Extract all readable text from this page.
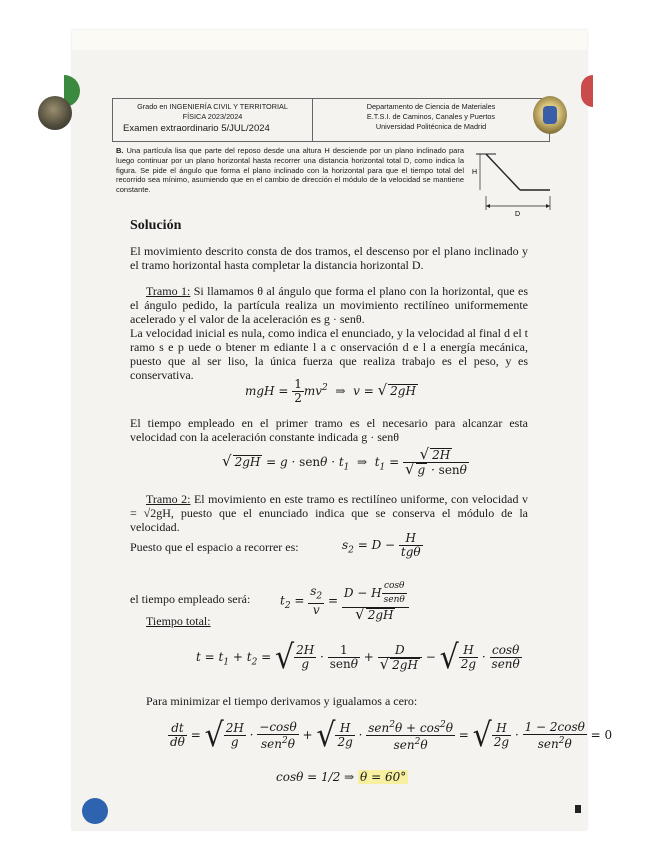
Grado en INGENIERÍA CIVIL Y TERRITORIAL
FÍSICA 2023/2024
Examen extraordinario 5/JUL/2024
Departamento de Ciencia de Materiales
E.T.S.I. de Caminos, Canales y Puertos
Universidad Politécnica de Madrid
B. Una partícula lisa que parte del reposo desde una altura H desciende por un plano inclinado para luego continuar por un plano horizontal hasta recorrer una distancia horizontal total D, como indica la figura. Se pide el ángulo que forma el plano inclinado con la horizontal para que el tiempo total del recorrido sea mínimo, asumiendo que en el cambio de dirección el módulo de la velocidad se mantiene constante.
H
D
Solución
El movimiento descrito consta de dos tramos, el descenso por el plano inclinado y el tramo horizontal hasta completar la distancia horizontal D.
Tramo 1: Si llamamos θ al ángulo que forma el plano con la horizontal, que es el ángulo pedido, la partícula realiza un movimiento rectilíneo uniformemente acelerado y el valor de la aceleración es g · senθ.
La velocidad inicial es nula, como indica el enunciado, y la velocidad al final d el t ramo s e p uede o btener m ediante l a c onservación d e l a energía mecánica, puesto que al ser liso, la única fuerza que realiza trabajo es el peso, y es conservativa.
mgH = $\frac{1}{2} mv^2$  ⇒  v = √ 2gH
El tiempo empleado en el primer tramo es el necesario para alcanzar esta velocidad con la aceleración constante indicada g · senθ
√ $2gH = g \cdot sen\theta \cdot t_1$  ⇒  $t_1 = \frac{√ 2H}{\text{√ g · senθ}}$
Tramo 2: El movimiento en este tramo es rectilíneo uniforme, con velocidad v = √2gH, puesto que el enunciado indica que se conserva el módulo de la velocidad.
Puesto que el espacio a recorrer es:	$s_2 = D - \frac{H}{\text{tgθ}}$
el tiempo empleado será: $t_2 = \frac{s_2}{v} = \frac{D - H \frac{\cos\theta}{\text{senθ}}}{√ 2gH}$
Tiempo total:
$t = t_1 + t_2$ = √ $\frac{2H}{g} \cdot \frac{1}{\text{senθ}} + \frac{D}{√ 2gH}$ − √ $\frac{H}{2g} \cdot \frac{\cos\theta}{\text{senθ}}$
Para minimizar el tiempo derivamos y igualamos a cero:
$\frac{dt}{d\theta}$ = √ $\frac{2H}{g} \cdot \frac{-\cos\theta}{sen^2\theta}$ + √ $\frac{H}{2g} \cdot \frac{sen^2\theta + \cos^2\theta}{sen^2\theta}$ = √ $\frac{H}{2g} \cdot \frac{1 - 2\cos\theta}{sen^2\theta} = 0$
cosθ = 1/2 ⇒ θ = 60°
